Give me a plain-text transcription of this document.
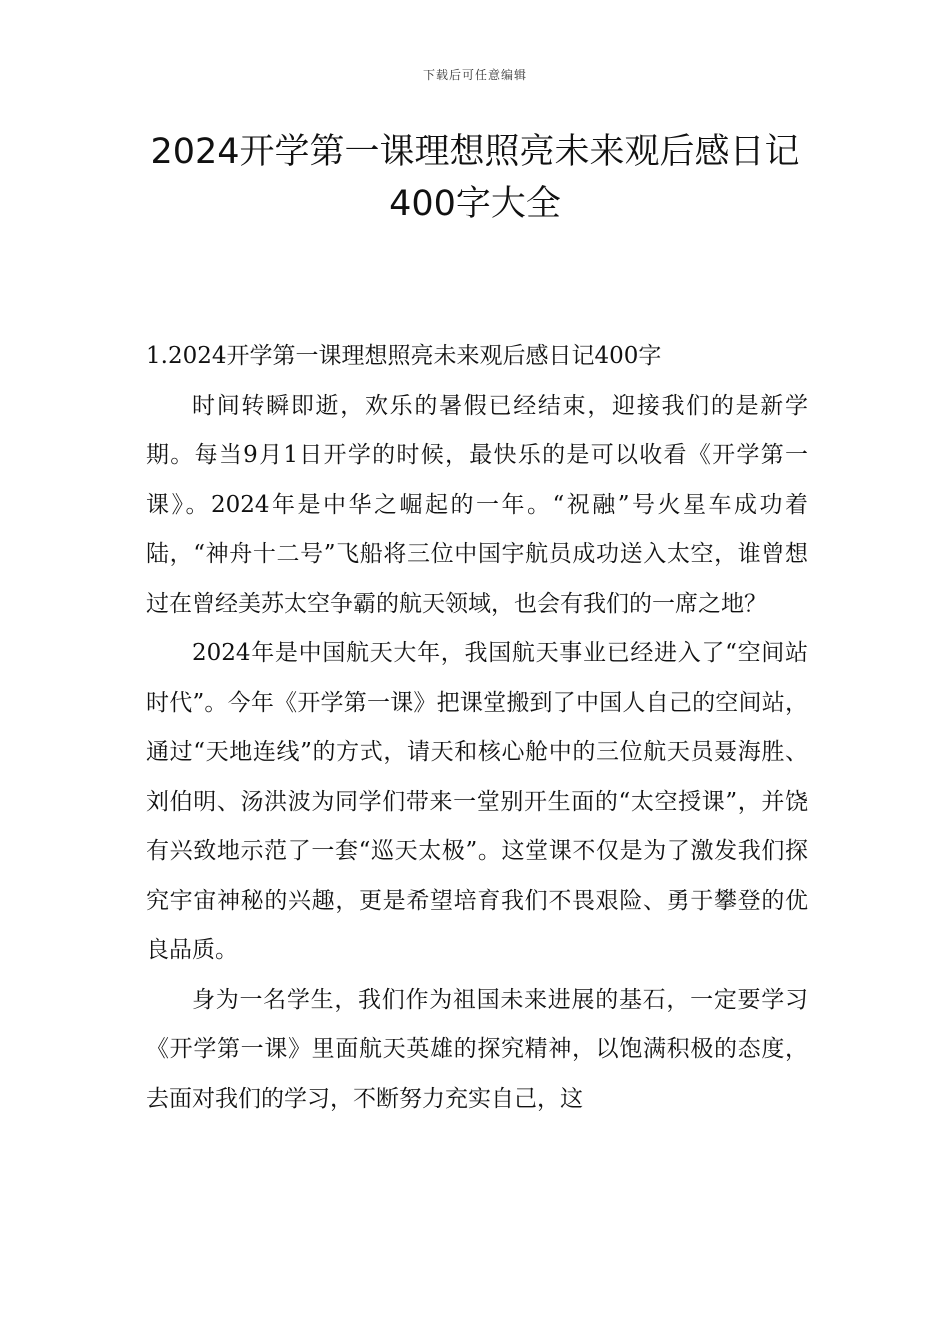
下载后可任意编辑
2024开学第一课理想照亮未来观后感日记
400字大全

1.2024开学第一课理想照亮未来观后感日记400字

时间转瞬即逝，欢乐的暑假已经结束，迎接我们的是新学期。每当9月1日开学的时候，最快乐的是可以收看《开学第一课》。2024年是中华之崛起的一年。“祝融”号火星车成功着陆，“神舟十二号”飞船将三位中国宇航员成功送入太空，谁曾想过在曾经美苏太空争霸的航天领域，也会有我们的一席之地？

2024年是中国航天大年，我国航天事业已经进入了“空间站时代”。今年《开学第一课》把课堂搬到了中国人自己的空间站，通过“天地连线”的方式，请天和核心舱中的三位航天员聂海胜、刘伯明、汤洪波为同学们带来一堂别开生面的“太空授课”，并饶有兴致地示范了一套“巡天太极”。这堂课不仅是为了激发我们探究宇宙神秘的兴趣，更是希望培育我们不畏艰险、勇于攀登的优良品质。

身为一名学生，我们作为祖国未来进展的基石，一定要学习《开学第一课》里面航天英雄的探究精神，以饱满积极的态度，去面对我们的学习，不断努力充实自己，这
